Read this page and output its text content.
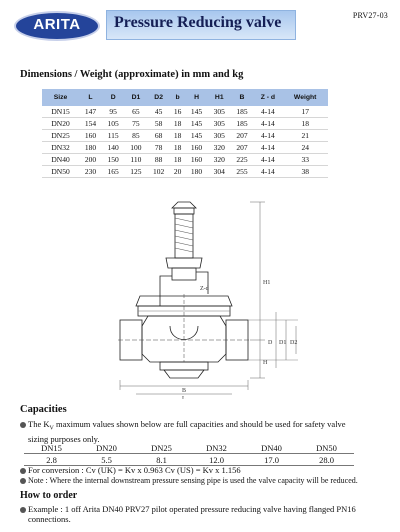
PRV27-03
ARITA	Pressure Reducing valve
Dimensions / Weight (approximate) in mm and kg
Size	L	D	D1	D2	b	H	H1	B	Z - d	Weight
DN15	147	95	65	45	16	145	305	185	4-14	17
DN20	154	105	75	58	18	145	305	185	4-14	18
DN25	160	115	85	68	18	145	305	207	4-14	21
DN32	180	140	100	78	18	160	320	207	4-14	24
DN40	200	150	110	88	18	160	320	225	4-14	33
DN50	230	165	125	102	20	180	304	255	4-14	38
H1
H
D D1 D2
Z-d
B
L
Capacities
The $K_V$ maximum values shown below are full capacities and should be used for safety valve
sizing purposes only.
DN15	DN20	DN25	DN32	DN40	DN50
2.8	5.5	8.1	12.0	17.0	28.0
For conversion : Cv (UK) = Kv x 0.963 Cv (US) = Kv x 1.156
Note : Where the internal downstream pressure sensing pipe is used the valve capacity will be reduced.
How to order
Example : 1 off Arita DN40 PRV27 pilot operated pressure reducing valve having flanged PN16
connections.
